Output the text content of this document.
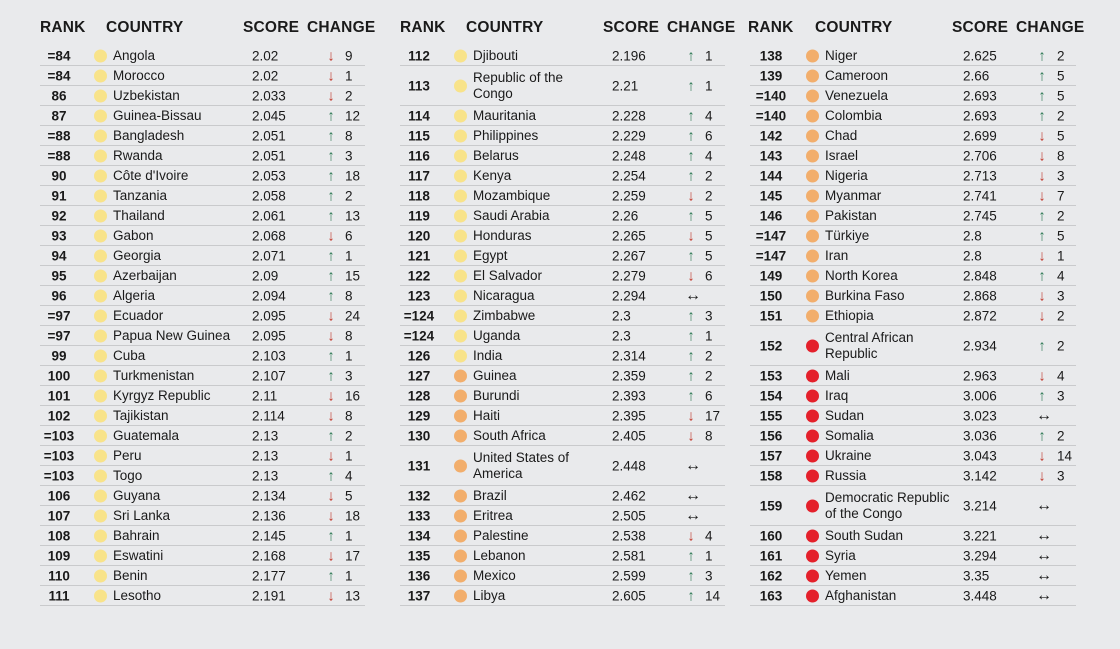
RANK COUNTRY	SCORE CHANGE
=84	Angola	2.02	↓ 9
=84	Morocco	2.02	↓ 1
86	Uzbekistan	2.033	↓ 2
87	Guinea-Bissau	2.045	↑ 12
=88	Bangladesh	2.051	↑ 8
=88	Rwanda	2.051	↑ 3
90	Côte d'Ivoire	2.053	↑ 18
91	Tanzania	2.058	↑ 2
92	Thailand	2.061	↑ 13
93	Gabon	2.068	↓ 6
94	Georgia	2.071	↑ 1
95	Azerbaijan	2.09	↑ 15
96	Algeria	2.094	↑ 8
=97	Ecuador	2.095	↓ 24
=97	Papua New Guinea 2.095	↓ 8
99	Cuba	2.103	↑ 1
100	Turkmenistan	2.107	↑ 3
101	Kyrgyz Republic	2.11	↓ 16
102	Tajikistan	2.114	↓ 8
=103	Guatemala	2.13	↑ 2
=103	Peru	2.13	↓ 1
=103	Togo	2.13	↑ 4
106	Guyana	2.134	↓ 5
107	Sri Lanka	2.136	↓ 18
108	Bahrain	2.145	↑ 1
109	Eswatini	2.168	↓ 17
110	Benin	2.177	↑ 1
111	Lesotho	2.191	↓ 13
RANK COUNTRY	SCORE CHANGE
112	Djibouti	2.196	↑ 1
113
Republic of the
Congo	2.21	↑ 1
114	Mauritania	2.228	↑ 4
115	Philippines	2.229	↑ 6
116	Belarus	2.248	↑ 4
117	Kenya	2.254	↑ 2
118	Mozambique	2.259	↓ 2
119	Saudi Arabia	2.26	↑ 5
120	Honduras	2.265	↓ 5
121	Egypt	2.267	↑ 5
122	El Salvador	2.279	↓ 6
123	Nicaragua	2.294 ↔
=124	Zimbabwe	2.3	↑ 3
=124	Uganda	2.3	↑ 1
126	India	2.314	↑ 2
127	Guinea	2.359	↑ 2
128	Burundi	2.393	↑ 6
129	Haiti	2.395	↓ 17
130	South Africa	2.405	↓ 8
131
United States of
America	2.448 ↔
132	Brazil	2.462 ↔
133	Eritrea	2.505 ↔
134	Palestine	2.538	↓ 4
135	Lebanon	2.581	↑ 1
136	Mexico	2.599	↑ 3
137	Libya	2.605	↑ 14
RANK COUNTRY	SCORE CHANGE
138	Niger	2.625	↑ 2
139	Cameroon	2.66	↑ 5
=140	Venezuela	2.693	↑ 5
=140	Colombia	2.693	↑ 2
142	Chad	2.699	↓ 5
143	Israel	2.706	↓ 8
144	Nigeria	2.713	↓ 3
145	Myanmar	2.741	↓ 7
146	Pakistan	2.745	↑ 2
=147	Türkiye	2.8	↑ 5
=147	Iran	2.8	↓ 1
149	North Korea	2.848	↑ 4
150	Burkina Faso	2.868	↓ 3
151	Ethiopia	2.872	↓ 2
152
Central African
Republic	2.934	↑ 2
153	Mali	2.963	↓ 4
154	Iraq	3.006	↑ 3
155	Sudan	3.023 ↔
156	Somalia	3.036	↑ 2
157	Ukraine	3.043	↓ 14
158	Russia	3.142	↓ 3
159
Democratic Republic
of the Congo	3.214 ↔
160	South Sudan	3.221 ↔
161	Syria	3.294 ↔
162	Yemen	3.35	↔
163	Afghanistan	3.448 ↔
